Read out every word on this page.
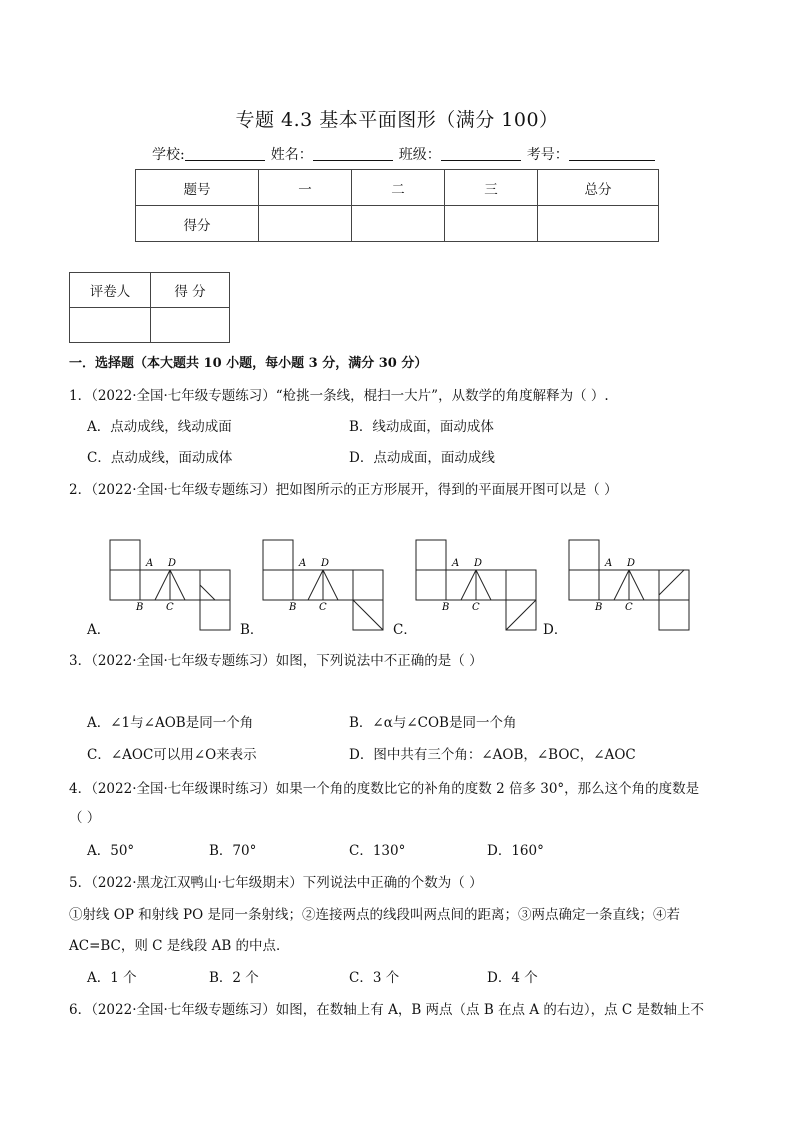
专题 4.3 基本平面图形（满分 100）
学校:	姓名：	班级：	考号：
题号	一	二	三	总分
得分				
评卷人	得 分

一．选择题（本大题共 10 小题，每小题 3 分，满分 30 分）
1．（2022·全国·七年级专题练习）“枪挑一条线，棍扫一大片”，从数学的角度解释为（ ）.
A．点动成线，线动成面	B．线动成面，面动成体
C．点动成线，面动成体	D．点动成面，面动成线
2．（2022·全国·七年级专题练习）把如图所示的正方形展开，得到的平面展开图可以是（ ）
A D
B C
A D
B C
A D
B C
A D
B C
A．	B．	C．	D．
3．（2022·全国·七年级专题练习）如图，下列说法中不正确的是（ ）
A．∠1与∠AOB是同一个角	B．∠α与∠COB是同一个角
C．∠AOC可以用∠O来表示	D．图中共有三个角：∠AOB，∠BOC，∠AOC
4．（2022·全国·七年级课时练习）如果一个角的度数比它的补角的度数 2 倍多 30°，那么这个角的度数是
（ ）
A．50°	B．70°	C．130°	D．160°
5．（2022·黑龙江双鸭山·七年级期末）下列说法中正确的个数为（ ）
①射线 OP 和射线 PO 是同一条射线；②连接两点的线段叫两点间的距离；③两点确定一条直线；④若
AC=BC，则 C 是线段 AB 的中点．
A．1 个	B．2 个	C．3 个	D．4 个
6．（2022·全国·七年级专题练习）如图，在数轴上有 A，B 两点（点 B 在点 A 的右边），点 C 是数轴上不
